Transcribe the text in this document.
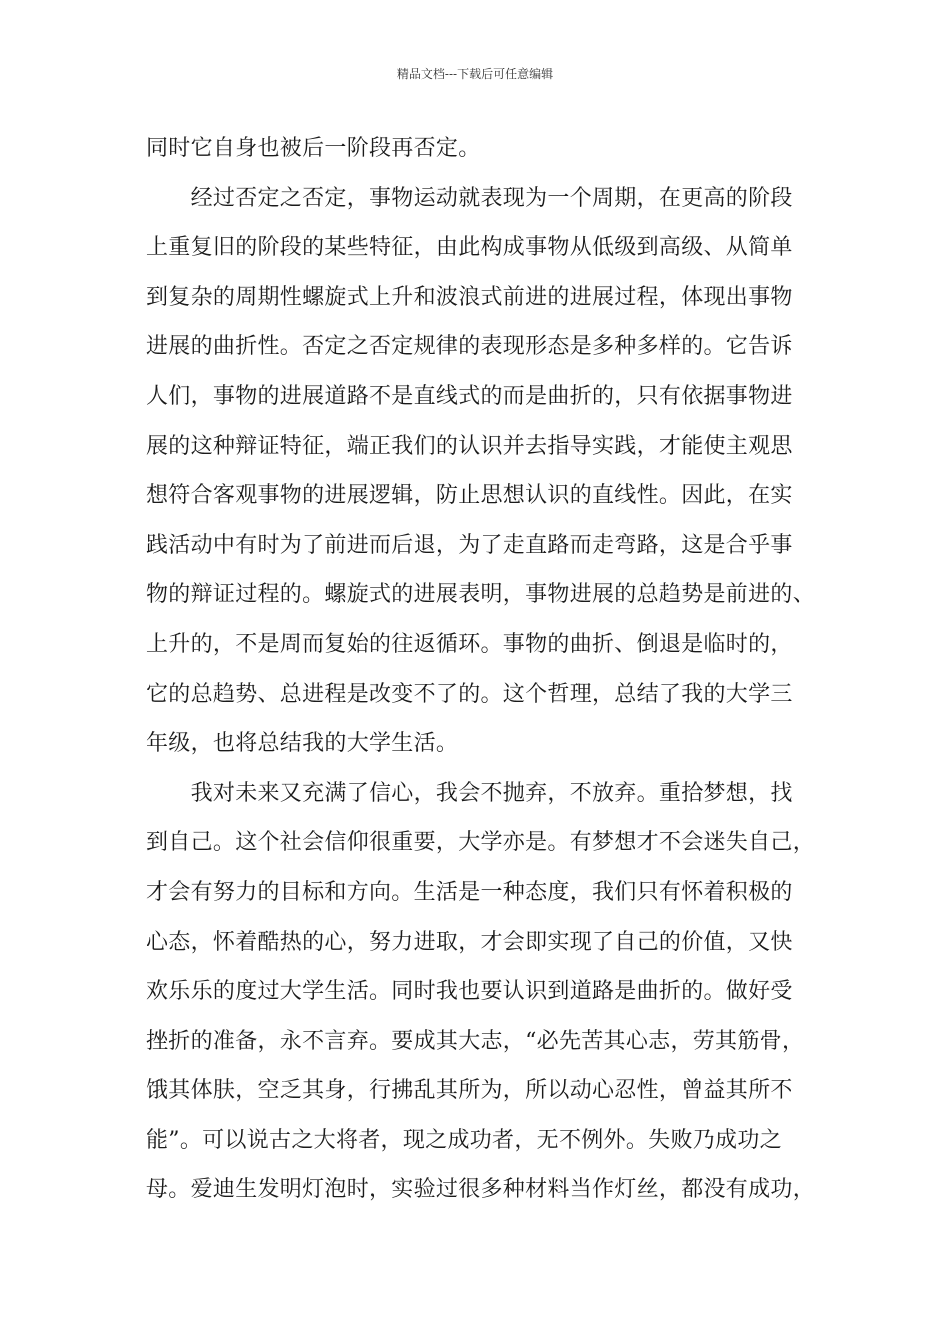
精品文档---下载后可任意编辑
同时它自身也被后一阶段再否定。
　　经过否定之否定，事物运动就表现为一个周期，在更高的阶段
上重复旧的阶段的某些特征，由此构成事物从低级到高级、从简单
到复杂的周期性螺旋式上升和波浪式前进的进展过程，体现出事物
进展的曲折性。否定之否定规律的表现形态是多种多样的。它告诉
人们，事物的进展道路不是直线式的而是曲折的，只有依据事物进
展的这种辩证特征，端正我们的认识并去指导实践，才能使主观思
想符合客观事物的进展逻辑，防止思想认识的直线性。因此，在实
践活动中有时为了前进而后退，为了走直路而走弯路，这是合乎事
物的辩证过程的。螺旋式的进展表明，事物进展的总趋势是前进的、
上升的，不是周而复始的往返循环。事物的曲折、倒退是临时的，
它的总趋势、总进程是改变不了的。这个哲理，总结了我的大学三
年级，也将总结我的大学生活。
　　我对未来又充满了信心，我会不抛弃，不放弃。重拾梦想，找
到自己。这个社会信仰很重要，大学亦是。有梦想才不会迷失自己，
才会有努力的目标和方向。生活是一种态度，我们只有怀着积极的
心态，怀着酷热的心，努力进取，才会即实现了自己的价值，又快
欢乐乐的度过大学生活。同时我也要认识到道路是曲折的。做好受
挫折的准备，永不言弃。要成其大志，“必先苦其心志，劳其筋骨，
饿其体肤，空乏其身，行拂乱其所为，所以动心忍性，曾益其所不
能”。可以说古之大将者，现之成功者，无不例外。失败乃成功之
母。爱迪生发明灯泡时，实验过很多种材料当作灯丝，都没有成功，
